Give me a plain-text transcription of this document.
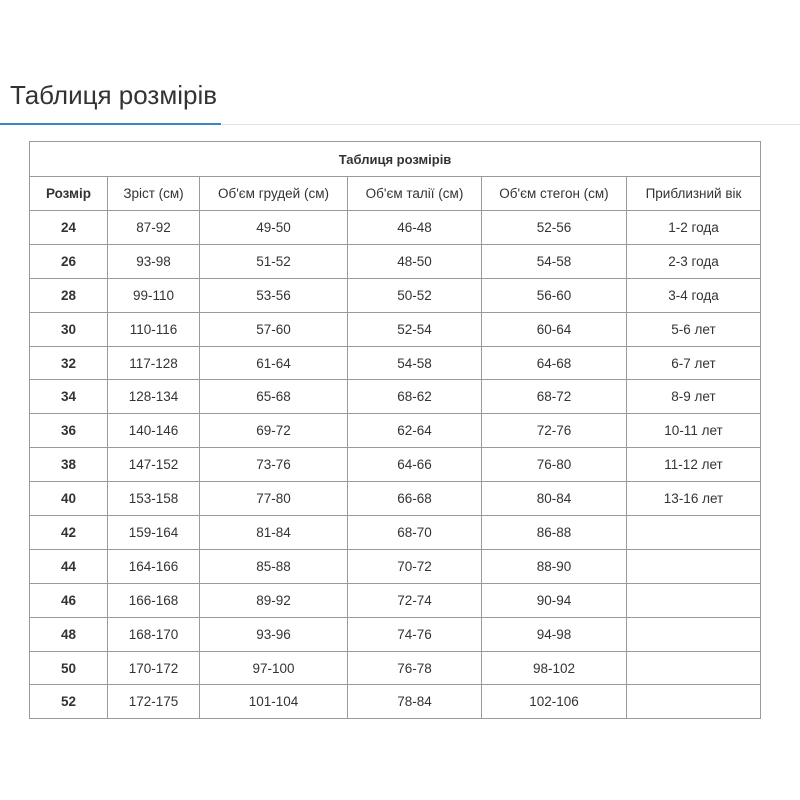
Таблиця розмірів
Таблиця розмірів					
Розмір	Зріст (см)	Об'єм грудей (см)	Об'єм талії (см)	Об'єм стегон (см)	Приблизний вік
24	87-92	49-50	46-48	52-56	1-2 года
26	93-98	51-52	48-50	54-58	2-3 года
28	99-110	53-56	50-52	56-60	3-4 года
30	110-116	57-60	52-54	60-64	5-6 лет
32	117-128	61-64	54-58	64-68	6-7 лет
34	128-134	65-68	68-62	68-72	8-9 лет
36	140-146	69-72	62-64	72-76	10-11 лет
38	147-152	73-76	64-66	76-80	11-12 лет
40	153-158	77-80	66-68	80-84	13-16 лет
42	159-164	81-84	68-70	86-88	
44	164-166	85-88	70-72	88-90	
46	166-168	89-92	72-74	90-94	
48	168-170	93-96	74-76	94-98	
50	170-172	97-100	76-78	98-102	
52	172-175	101-104	78-84	102-106	
